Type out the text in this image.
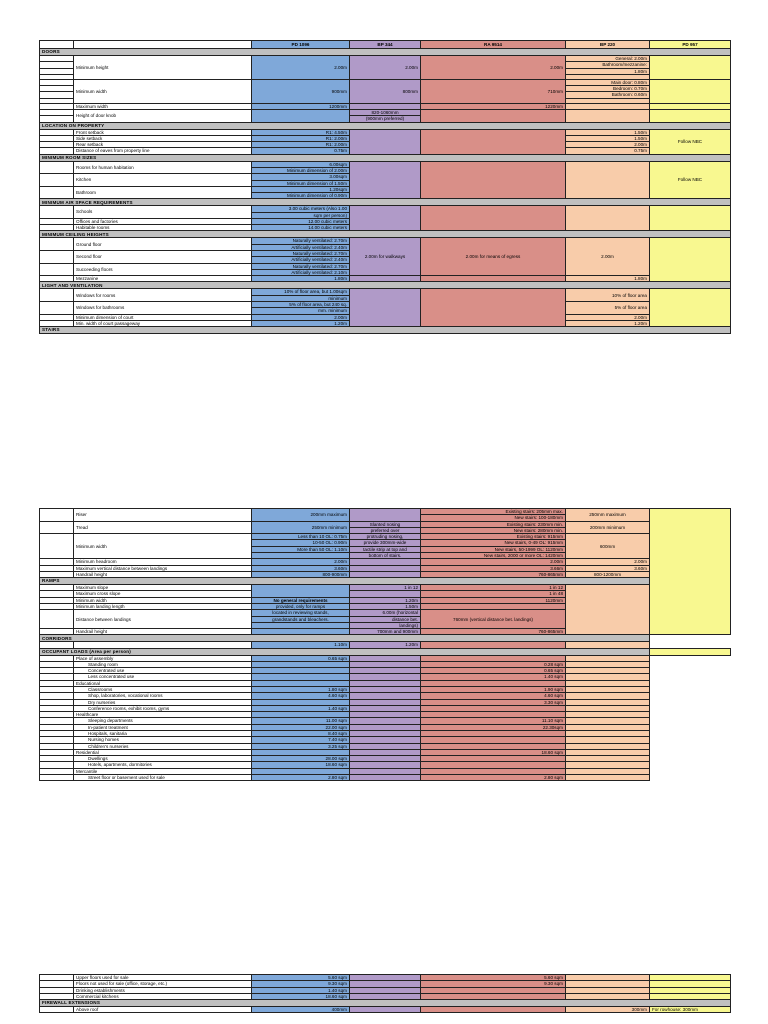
		PD 1096	BP 344	RA 9514	BP 220	PD 957
DOORS						
	Minimum height	2.00m	2.00m	2.00m	General: 2.00m	
					Bathroom/mezzanine:	
					1.80m	

	Minimum width	900mm	800mm	710mm	Main door: 0.80m	
					Bedroom: 0.70m	
					Bathroom: 0.60m	

	Maximum width	1200mm		1220mm		
	Height of door knob		820-1060mm			
			(900mm preferred)			
LOCATION ON PROPERTY						
	Front setback	R1: 4.50m			1.50m	Follow NBC
	Side setback	R1: 2.00m			1.50m	
	Rear setback	R1: 2.00m			2.00m	
	Distance of eaves from property line	0.75m			0.75m	
MINIMUM ROOM SIZES						
	Rooms for human habitation	6.00sqm				Follow NBC
		Minimum dimension of 2.00m				
	Kitchen	3.00sqm				
		Minimum dimension of 1.50m				
	Bathroom	1.20sqm				
		Minimum dimension of 0.90m				
MINIMUM AIR SPACE REQUIREMENTS						
	Schools	3.00 cubic meters (Also 1.00				
		sqm per person)				
	Offices and factories	12.00 cubic meters				
	Habitable rooms	14.00 cubic meters				
MINIMUM CEILING HEIGHTS						
	Ground floor	Naturally ventilated: 2.70m	2.00m for walkways	2.00m for means of egress	2.00m	
		Artificially ventilated: 2.40m				
	Second floor	Naturally ventilated: 2.70m				
		Artificially ventilated: 2.40m				
	Succeeding floors	Naturally ventilated: 2.70m				
		Artificially ventilated: 2.10m				
	Mezzanine	1.80m			1.80m	
LIGHT AND VENTILATION						
	Windows for rooms	10% of floor area, but 1.00sqm			10% of floor area	
		minimum				
	Windows for bathrooms	5% of floor area, but 240 sq.			5% of floor area	
		mm. minimum				
	Minimum dimension of court	2.00m			2.00m	
	Min. width of court passageway	1.20m			1.20m	
STAIRS						
	Riser	200mm maximum		Existing stairs: 205mm max.	250mm maximum	
				New stairs: 100-180mm		
	Tread	250mm minimum	Slanted nosing	Existing stairs: 230mm min.	200mm minimum	
			preferred over	New stairs: 280mm min.		
	Minimum width	Less than 10 OL: 0.75m	protruding nosing,	Existing stairs: 915mm	600mm	
		10-50 OL: 0.90m	provide 300mm-wide	New stairs, 0-49 OL: 915mm		
		More than 50 OL: 1.10m	tactile strip at top and	New stairs, 50-1999 OL: 1120mm		
			bottom of stairs.	New stairs, 2000 or more OL: 1420mm		
	Minimum headroom	2.00m		2.00m	2.00m	
	Maximum vertical distance between landings	3.60m		3.66m	3.60m	
	Handrail height	800-900mm		760-865mm	800-1200mm	
RAMPS						
	Maximum slope		1 in 12	1 in 12		
	Maximum cross slope			1 in 48		
	Minimum width	No general requirements	1.20m	1120mm		
	Minimum landing length	provided, only for ramps	1.50m			
	Distance between landings	located in reviewing stands,	6.00m (horizontal	760mm (vertical distance bet. landings)		
		grandstands and bleachers.	distance bet.			
			landings)			
	Handrail height		700mm and 900mm	760-865mm		
CORRIDORS						
		1.10m	1.20m			
OCCUPANT LOADS (Area per person)						
	Place of assembly	0.65 sqm				
	Standing room			0.28 sqm		
	Concentrated use			0.65 sqm		
	Less concentrated use			1.40 sqm		
	Educational					
	Classrooms	1.80 sqm		1.90 sqm		
	Shop, laboratories, vocational rooms	4.60 sqm		4.60 sqm		
	Dry nurseries			3.30 sqm		
	Conference rooms, exhibit rooms, gyms	1.40 sqm				
	Healthcare					
	Sleeping departments	11.00 sqm		11.10 sqm		
	In-patient treatment	22.00 sqm		22.30sqm		
	Hospitals, sanitaria	8.40 sqm				
	Nursing homes	7.40 sqm				
	Children's nurseries	3.25 sqm				
	Residential			18.60 sqm		
	Dwellings	28.00 sqm				
	Hotels, apartments, dormitories	18.60 sqm				
	Mercantile					
	Street floor or basement used for sale	2.80 sqm		2.80 sqm		
	Upper floors used for sale	5.60 sqm		5.60 sqm		
	Floors not used for sale (office, storage, etc.)	9.30 sqm		9.30 sqm		
	Drinking establishments	1.40 sqm				
	Commercial kitchens	18.60 sqm				
FIREWALL EXTENSIONS						
	Above roof	400mm			300mm	For rowhouse: 300mm
